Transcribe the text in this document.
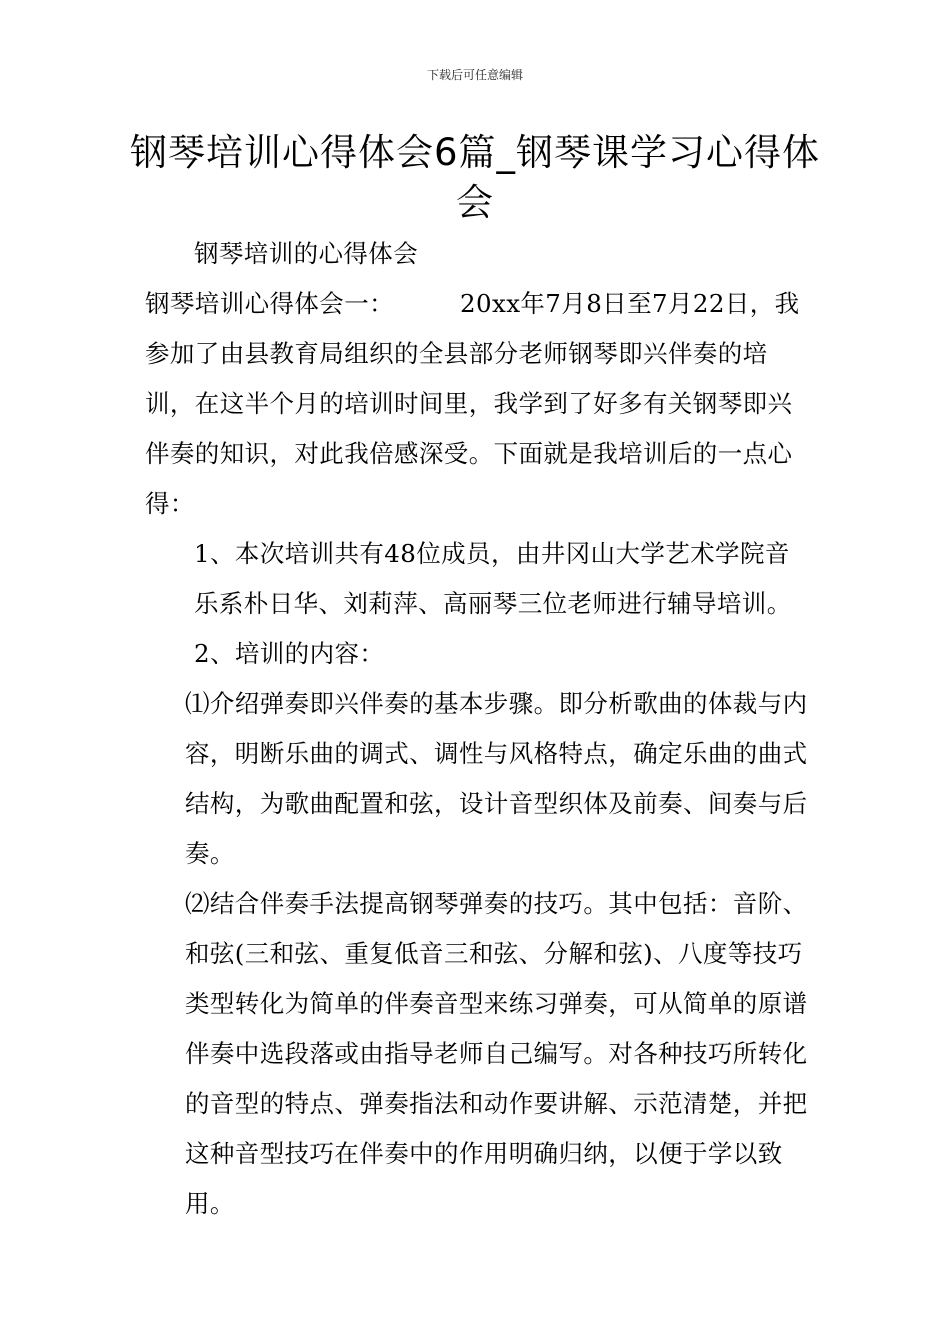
下载后可任意编辑
钢琴培训心得体会6篇_钢琴课学习心得体会

钢琴培训的心得体会

钢琴培训心得体会一：	20xx年7月8日至7月22日，我参加了由县教育局组织的全县部分老师钢琴即兴伴奏的培训，在这半个月的培训时间里，我学到了好多有关钢琴即兴伴奏的知识，对此我倍感深受。下面就是我培训后的一点心得：

1、本次培训共有48位成员，由井冈山大学艺术学院音乐系朴日华、刘莉萍、高丽琴三位老师进行辅导培训。

2、培训的内容：

⑴介绍弹奏即兴伴奏的基本步骤。即分析歌曲的体裁与内容，明断乐曲的调式、调性与风格特点，确定乐曲的曲式结构，为歌曲配置和弦，设计音型织体及前奏、间奏与后奏。

⑵结合伴奏手法提高钢琴弹奏的技巧。其中包括：音阶、和弦(三和弦、重复低音三和弦、分解和弦)、八度等技巧类型转化为简单的伴奏音型来练习弹奏，可从简单的原谱伴奏中选段落或由指导老师自己编写。对各种技巧所转化的音型的特点、弹奏指法和动作要讲解、示范清楚，并把这种音型技巧在伴奏中的作用明确归纳，以便于学以致用。
